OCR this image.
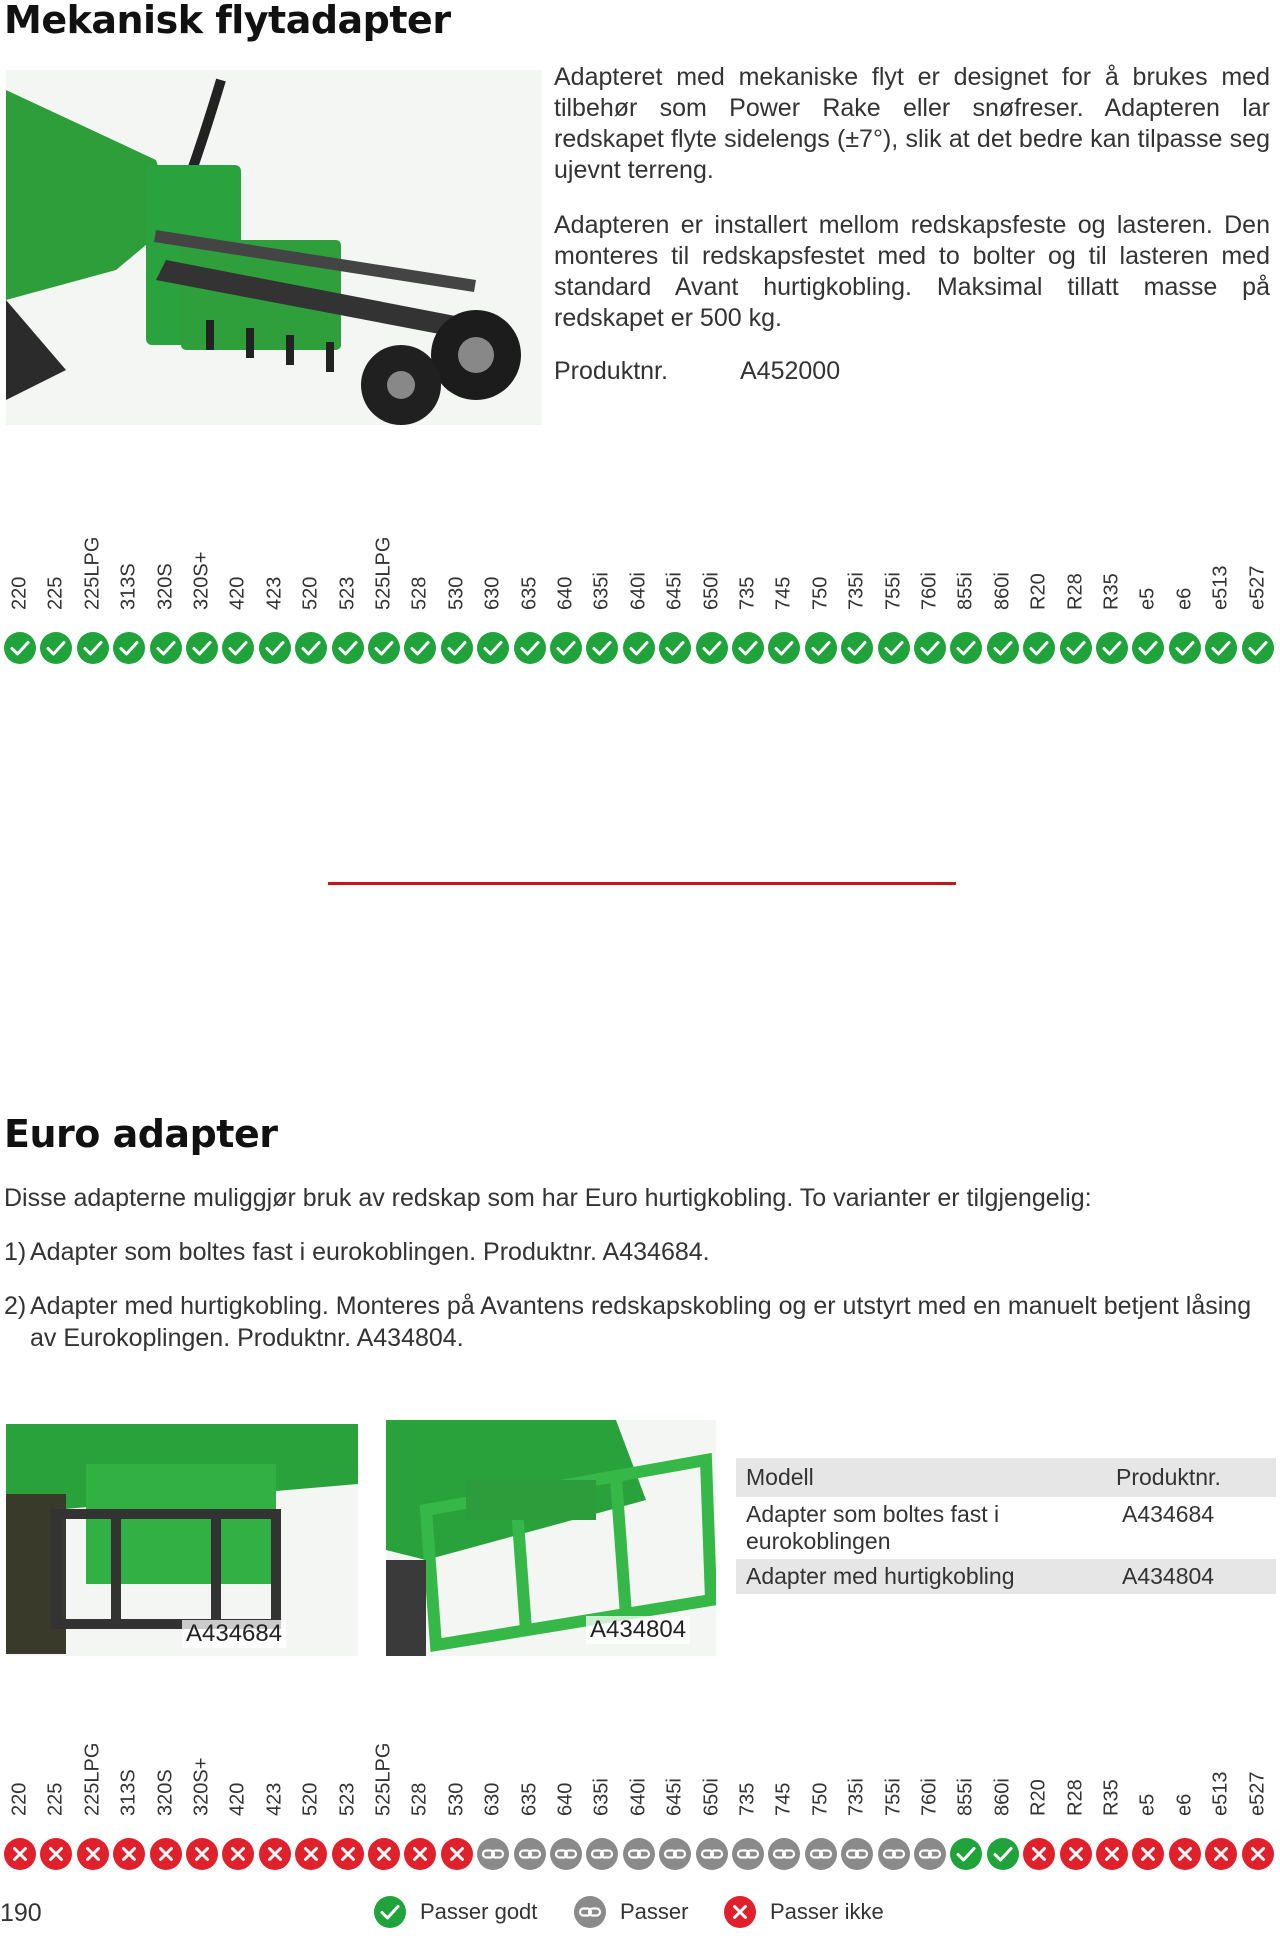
Mekanisk flytadapter

Adapteret med mekaniske flyt er designet for å brukes med tilbehør som Power Rake eller snøfreser. Adapteren lar redskapet flyte sidelengs (±7°), slik at det bedre kan tilpasse seg ujevnt terreng.

Adapteren er installert mellom redskapsfeste og lasteren. Den monteres til redskapsfestet med to bolter og til lasteren med standard Avant hurtigkobling. Maksimal tillatt masse på redskapet er 500 kg.

Produktnr.	A452000
220 225 225LPG 313S 320S 320S+ 420 423 520 523 525LPG 528 530 630 635 640 635i 640i 645i 650i 735 745 750 735i 755i 760i 855i 860i R20 R28 R35 e5 e6 e513 e527
Euro adapter
Disse adapterne muliggjør bruk av redskap som har Euro hurtigkobling. To varianter er tilgjengelig:
1) Adapter som boltes fast i eurokoblingen. Produktnr. A434684.
2) Adapter med hurtigkobling. Monteres på Avantens redskapskobling og er utstyrt med en manuelt betjent låsing av Eurokoplingen. Produktnr. A434804.
A434684	A434804
Modell	Produktnr.
Adapter som boltes fast i eurokoblingen	A434684
Adapter med hurtigkobling	A434804
220 225 225LPG 313S 320S 320S+ 420 423 520 523 525LPG 528 530 630 635 640 635i 640i 645i 650i 735 745 750 735i 755i 760i 855i 860i R20 R28 R35 e5 e6 e513 e527
190	Passer godt	Passer	Passer ikke
